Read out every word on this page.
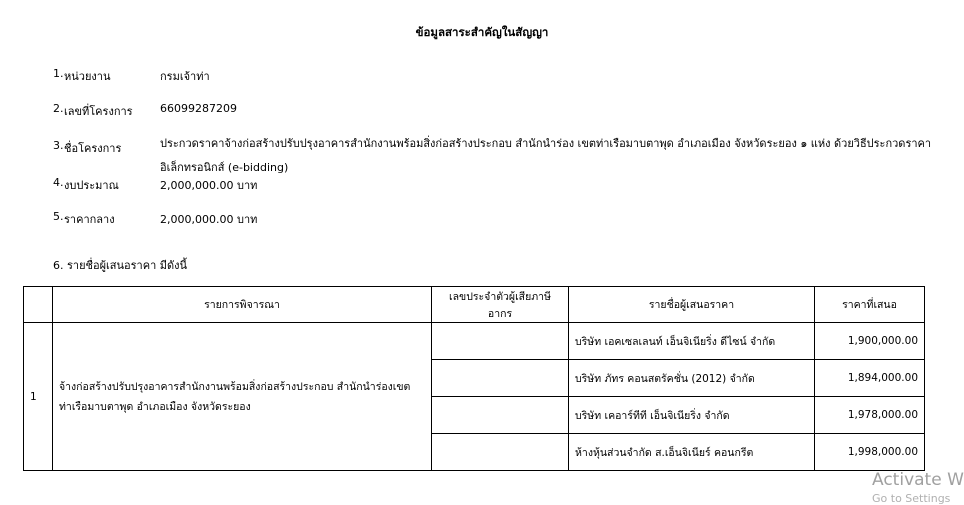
ข้อมูลสาระสำคัญในสัญญา
1. หน่วยงาน	กรมเจ้าท่า
2. เลขที่โครงการ 66099287209
3. ชื่อโครงการ	ประกวดราคาจ้างก่อสร้างปรับปรุงอาคารสำนักงานพร้อมสิ่งก่อสร้างประกอบ สำนักนำร่อง เขตท่าเรือมาบตาพุด อำเภอเมือง จังหวัดระยอง ๑ แห่ง ด้วยวิธีประกวดราคาอิเล็กทรอนิกส์ (e-bidding)
4. งบประมาณ	2,000,000.00 บาท
5. ราคากลาง	2,000,000.00 บาท
6. รายชื่อผู้เสนอราคา มีดังนี้
	รายการพิจารณา	เลขประจำตัวผู้เสียภาษีอากร	รายชื่อผู้เสนอราคา	ราคาที่เสนอ
1	จ้างก่อสร้างปรับปรุงอาคารสำนักงานพร้อมสิ่งก่อสร้างประกอบ สำนักนำร่องเขตท่าเรือมาบตาพุด อำเภอเมือง จังหวัดระยอง		บริษัท เอคเซลเลนท์ เอ็นจิเนียริ่ง ดีไซน์ จำกัด	1,900,000.00
			บริษัท ภัทร คอนสตรัคชั่น (2012) จำกัด	1,894,000.00
			บริษัท เคอาร์ทีที เอ็นจิเนียริ่ง จำกัด	1,978,000.00
			ห้างหุ้นส่วนจำกัด ส.เอ็นจิเนียร์ คอนกรีต	1,998,000.00
Activate W
Go to Settings
